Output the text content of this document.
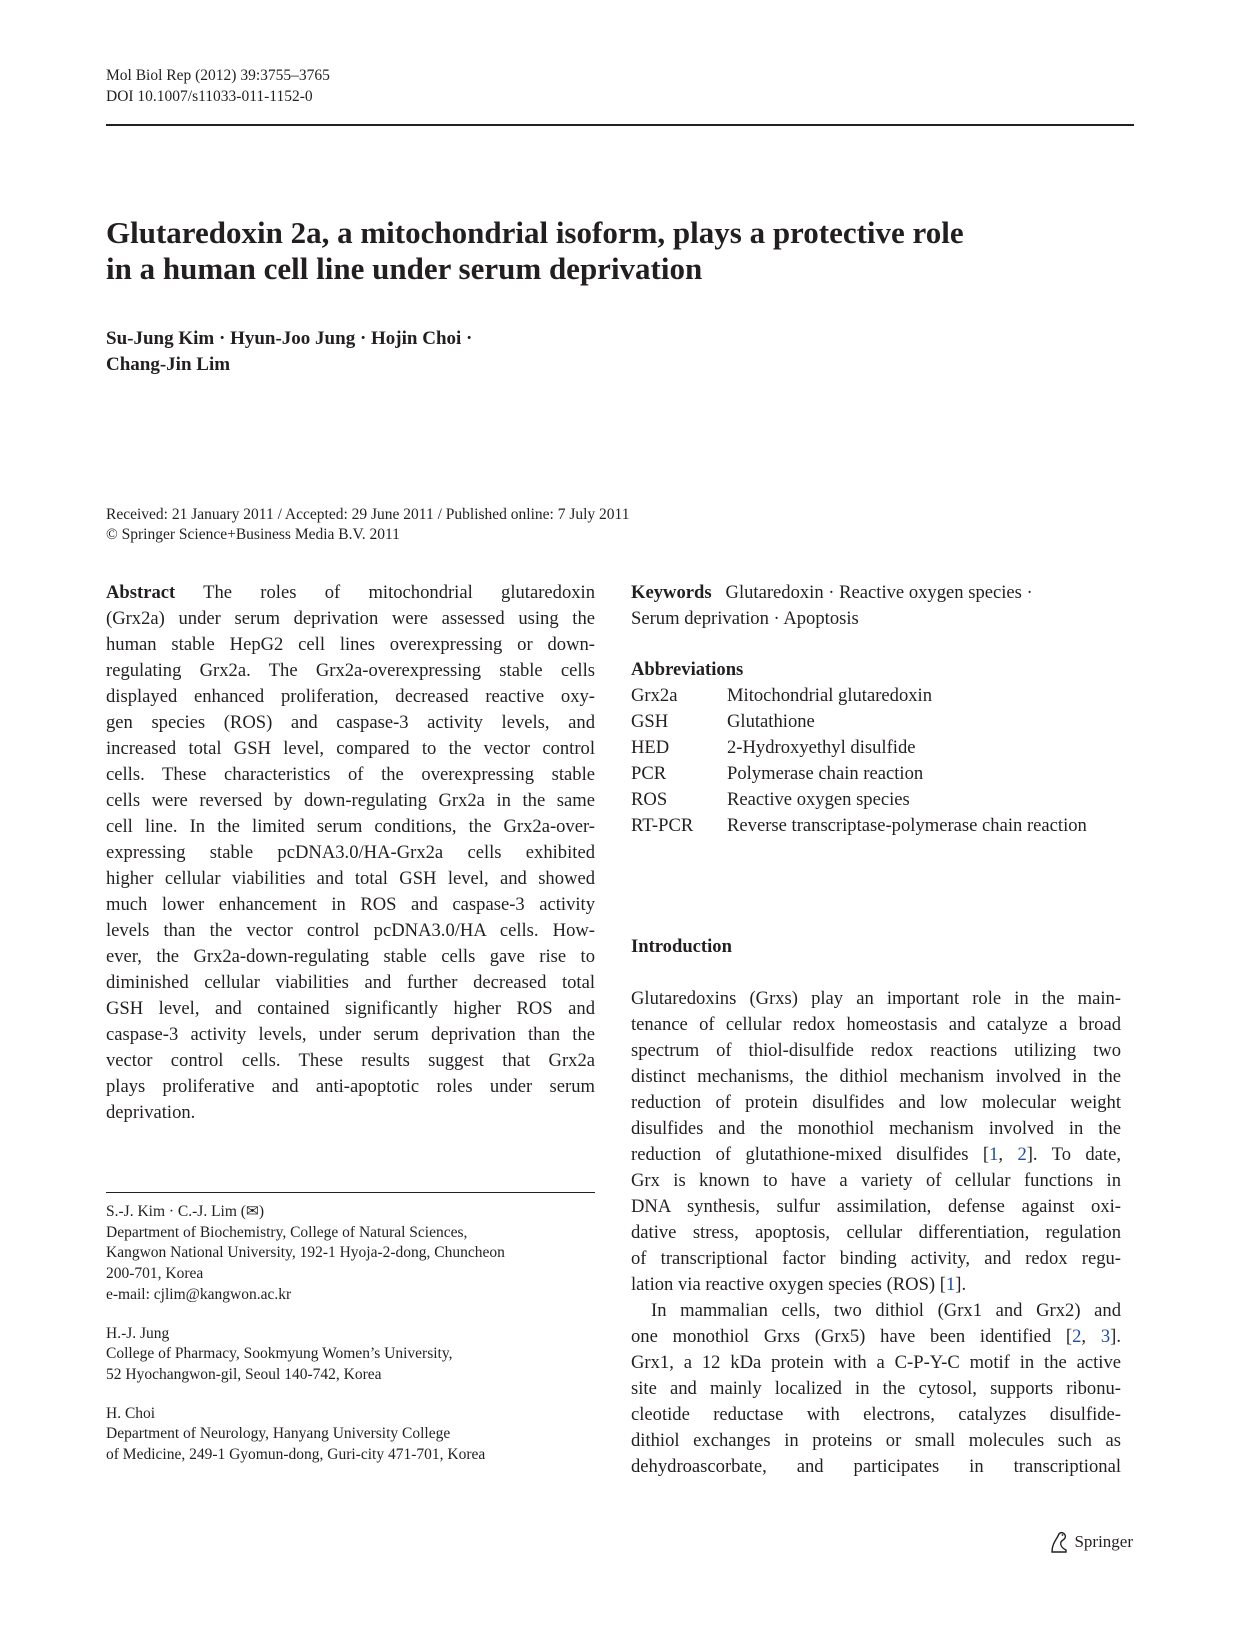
Mol Biol Rep (2012) 39:3755–3765
DOI 10.1007/s11033-011-1152-0
Glutaredoxin 2a, a mitochondrial isoform, plays a protective role
in a human cell line under serum deprivation
Su-Jung Kim · Hyun-Joo Jung · Hojin Choi ·
Chang-Jin Lim
Received: 21 January 2011 / Accepted: 29 June 2011 / Published online: 7 July 2011
© Springer Science+Business Media B.V. 2011
Abstract The roles of mitochondrial glutaredoxin
(Grx2a) under serum deprivation were assessed using the
human stable HepG2 cell lines overexpressing or down-
regulating Grx2a. The Grx2a-overexpressing stable cells
displayed enhanced proliferation, decreased reactive oxy-
gen species (ROS) and caspase-3 activity levels, and
increased total GSH level, compared to the vector control
cells. These characteristics of the overexpressing stable
cells were reversed by down-regulating Grx2a in the same
cell line. In the limited serum conditions, the Grx2a-over-
expressing stable pcDNA3.0/HA-Grx2a cells exhibited
higher cellular viabilities and total GSH level, and showed
much lower enhancement in ROS and caspase-3 activity
levels than the vector control pcDNA3.0/HA cells. How-
ever, the Grx2a-down-regulating stable cells gave rise to
diminished cellular viabilities and further decreased total
GSH level, and contained significantly higher ROS and
caspase-3 activity levels, under serum deprivation than the
vector control cells. These results suggest that Grx2a
plays proliferative and anti-apoptotic roles under serum
deprivation.
S.-J. Kim · C.-J. Lim (✉)
Department of Biochemistry, College of Natural Sciences,
Kangwon National University, 192-1 Hyoja-2-dong, Chuncheon
200-701, Korea
e-mail: cjlim@kangwon.ac.kr
H.-J. Jung
College of Pharmacy, Sookmyung Women’s University,
52 Hyochangwon-gil, Seoul 140-742, Korea
H. Choi
Department of Neurology, Hanyang University College
of Medicine, 249-1 Gyomun-dong, Guri-city 471-701, Korea
Keywords Glutaredoxin · Reactive oxygen species ·
Serum deprivation · Apoptosis
Abbreviations
Grx2a	Mitochondrial glutaredoxin
GSH	Glutathione
HED	2-Hydroxyethyl disulfide
PCR	Polymerase chain reaction
ROS	Reactive oxygen species
RT-PCR	Reverse transcriptase-polymerase chain reaction
Introduction
Glutaredoxins (Grxs) play an important role in the main-
tenance of cellular redox homeostasis and catalyze a broad
spectrum of thiol-disulfide redox reactions utilizing two
distinct mechanisms, the dithiol mechanism involved in the
reduction of protein disulfides and low molecular weight
disulfides and the monothiol mechanism involved in the
reduction of glutathione-mixed disulfides [1, 2]. To date,
Grx is known to have a variety of cellular functions in
DNA synthesis, sulfur assimilation, defense against oxi-
dative stress, apoptosis, cellular differentiation, regulation
of transcriptional factor binding activity, and redox regu-
lation via reactive oxygen species (ROS) [1].
In mammalian cells, two dithiol (Grx1 and Grx2) and
one monothiol Grxs (Grx5) have been identified [2, 3].
Grx1, a 12 kDa protein with a C-P-Y-C motif in the active
site and mainly localized in the cytosol, supports ribonu-
cleotide reductase with electrons, catalyzes disulfide-
dithiol exchanges in proteins or small molecules such as
dehydroascorbate, and participates in transcriptional
Springer
